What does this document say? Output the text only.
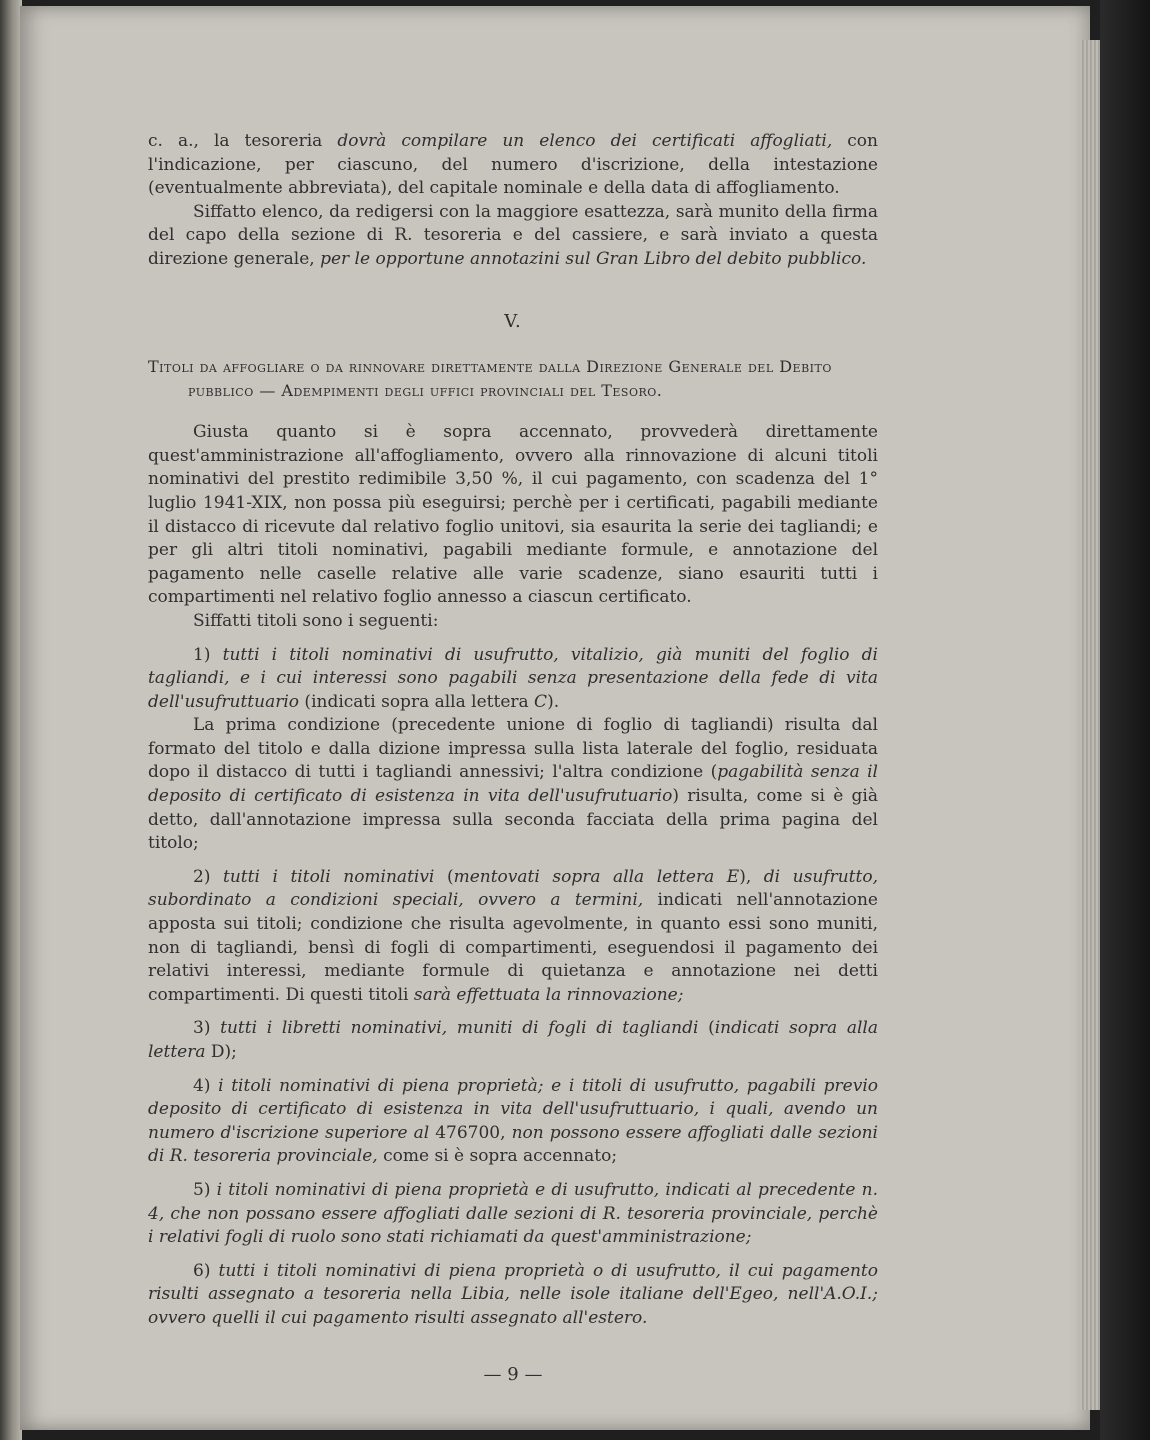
c. a., la tesoreria dovrà compilare un elenco dei certificati affogliati, con l'indicazione, per ciascuno, del numero d'iscrizione, della intestazione (eventualmente abbreviata), del capitale nominale e della data di affogliamento.

Siffatto elenco, da redigersi con la maggiore esattezza, sarà munito della firma del capo della sezione di R. tesoreria e del cassiere, e sarà inviato a questa direzione generale, per le opportune annotazini sul Gran Libro del debito pubblico.

V.

Titoli da affogliare o da rinnovare direttamente dalla Direzione Generale del Debito
pubblico — Adempimenti degli uffici provinciali del Tesoro.

Giusta quanto si è sopra accennato, provvederà direttamente quest'amministrazione all'affogliamento, ovvero alla rinnovazione di alcuni titoli nominativi del prestito redimibile 3,50 %, il cui pagamento, con scadenza del 1° luglio 1941-XIX, non possa più eseguirsi; perchè per i certificati, pagabili mediante il distacco di ricevute dal relativo foglio unitovi, sia esaurita la serie dei tagliandi; e per gli altri titoli nominativi, pagabili mediante formule, e annotazione del pagamento nelle caselle relative alle varie scadenze, siano esauriti tutti i compartimenti nel relativo foglio annesso a ciascun certificato.

Siffatti titoli sono i seguenti:

1) tutti i titoli nominativi di usufrutto, vitalizio, già muniti del foglio di tagliandi, e i cui interessi sono pagabili senza presentazione della fede di vita dell'usufruttuario (indicati sopra alla lettera C).

La prima condizione (precedente unione di foglio di tagliandi) risulta dal formato del titolo e dalla dizione impressa sulla lista laterale del foglio, residuata dopo il distacco di tutti i tagliandi annessivi; l'altra condizione (pagabilità senza il deposito di certificato di esistenza in vita dell'usufrutuario) risulta, come si è già detto, dall'annotazione impressa sulla seconda facciata della prima pagina del titolo;

2) tutti i titoli nominativi (mentovati sopra alla lettera E), di usufrutto, subordinato a condizioni speciali, ovvero a termini, indicati nell'annotazione apposta sui titoli; condizione che risulta agevolmente, in quanto essi sono muniti, non di tagliandi, bensì di fogli di compartimenti, eseguendosi il pagamento dei relativi interessi, mediante formule di quietanza e annotazione nei detti compartimenti. Di questi titoli sarà effettuata la rinnovazione;

3) tutti i libretti nominativi, muniti di fogli di tagliandi (indicati sopra alla lettera D);

4) i titoli nominativi di piena proprietà; e i titoli di usufrutto, pagabili previo deposito di certificato di esistenza in vita dell'usufruttuario, i quali, avendo un numero d'iscrizione superiore al 476700, non possono essere affogliati dalle sezioni di R. tesoreria provinciale, come si è sopra accennato;

5) i titoli nominativi di piena proprietà e di usufrutto, indicati al precedente n. 4, che non possano essere affogliati dalle sezioni di R. tesoreria provinciale, perchè i relativi fogli di ruolo sono stati richiamati da quest'amministrazione;

6) tutti i titoli nominativi di piena proprietà o di usufrutto, il cui pagamento risulti assegnato a tesoreria nella Libia, nelle isole italiane dell'Egeo, nell'A.O.I.; ovvero quelli il cui pagamento risulti assegnato all'estero.

— 9 —
